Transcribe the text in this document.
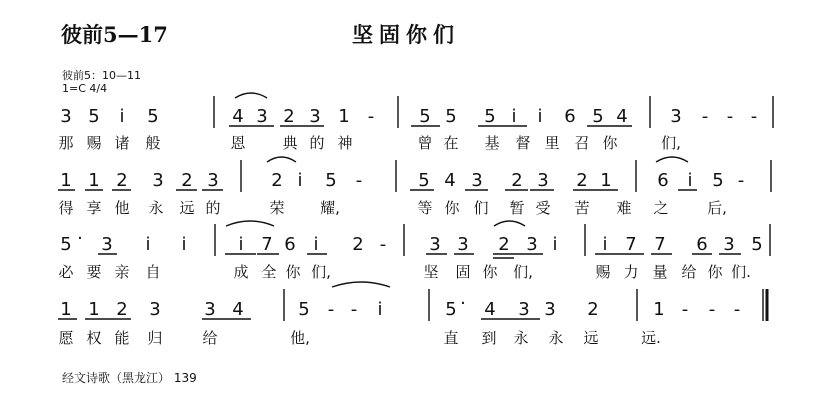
彼前5—17	坚固你们
彼前5：10—11
1=C 4/4
3 5 i 5	4 3 2 3 1 -	5 5 5 i i 6 5 4 3 - - -
1 1 2 3 2 3	2 i 5 -	5 4 3 2 3 2 1	6 i 5 -
5 · 3 i i	i 7 6 i 2 - 3 3 2 3 i i 7 7 6 3 5
1 1 2 3 3 4	5 - - i	5 · 4 3 3 2	1 - - -
那 赐 诸 般	恩 典 的 神	曾 在 基 督 里 召 你	们,
得 享 他 永 远 的	荣 耀,	等 你 们 暂 受 苦 难 之	后,
必 要 亲 自	成 全 你 们,	坚 固 你 们,	赐 力 量 给 你 们.
愿 权 能 归	给	他,	直 到 永 永 远	远.
经文诗歌（黑龙江） 139
